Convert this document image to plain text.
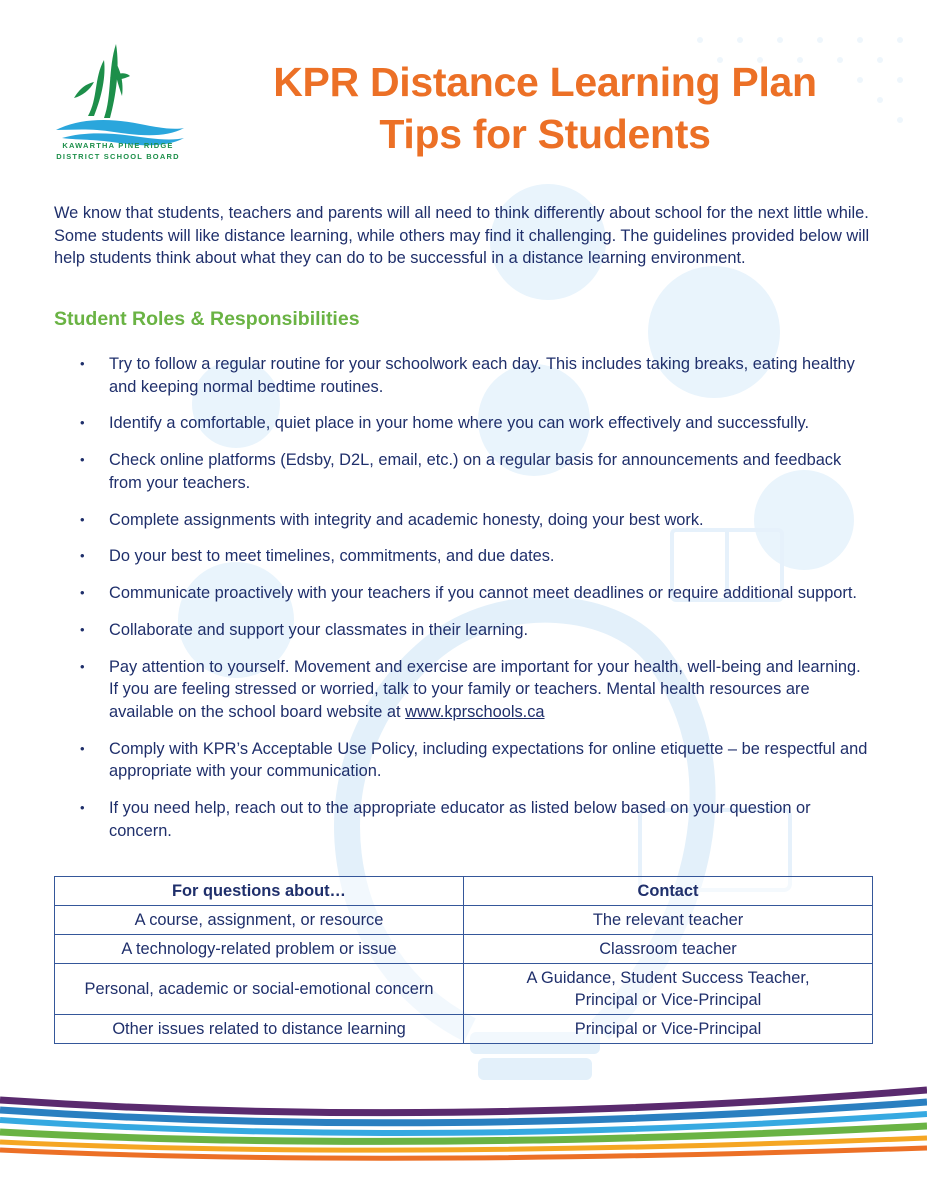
KAWARTHA PINE RIDGE
DISTRICT SCHOOL BOARD
KPR Distance Learning Plan
Tips for Students

We know that students, teachers and parents will all need to think differently about school for the next little while. Some students will like distance learning, while others may find it challenging. The guidelines provided below will help students think about what they can do to be successful in a distance learning environment.

Student Roles & Responsibilities
• Try to follow a regular routine for your schoolwork each day. This includes taking breaks, eating healthy and keeping normal bedtime routines.
• Identify a comfortable, quiet place in your home where you can work effectively and successfully.
• Check online platforms (Edsby, D2L, email, etc.) on a regular basis for announcements and feedback from your teachers.
• Complete assignments with integrity and academic honesty, doing your best work.
• Do your best to meet timelines, commitments, and due dates.
• Communicate proactively with your teachers if you cannot meet deadlines or require additional support.
• Collaborate and support your classmates in their learning.
• Pay attention to yourself. Movement and exercise are important for your health, well-being and learning. If you are feeling stressed or worried, talk to your family or teachers. Mental health resources are available on the school board website at www.kprschools.ca
• Comply with KPR’s Acceptable Use Policy, including expectations for online etiquette – be respectful and appropriate with your communication.
• If you need help, reach out to the appropriate educator as listed below based on your question or concern.
For questions about…	Contact
A course, assignment, or resource	The relevant teacher
A technology-related problem or issue	Classroom teacher
Personal, academic or social-emotional concern	A Guidance, Student Success Teacher, Principal or Vice-Principal
Other issues related to distance learning	Principal or Vice-Principal
